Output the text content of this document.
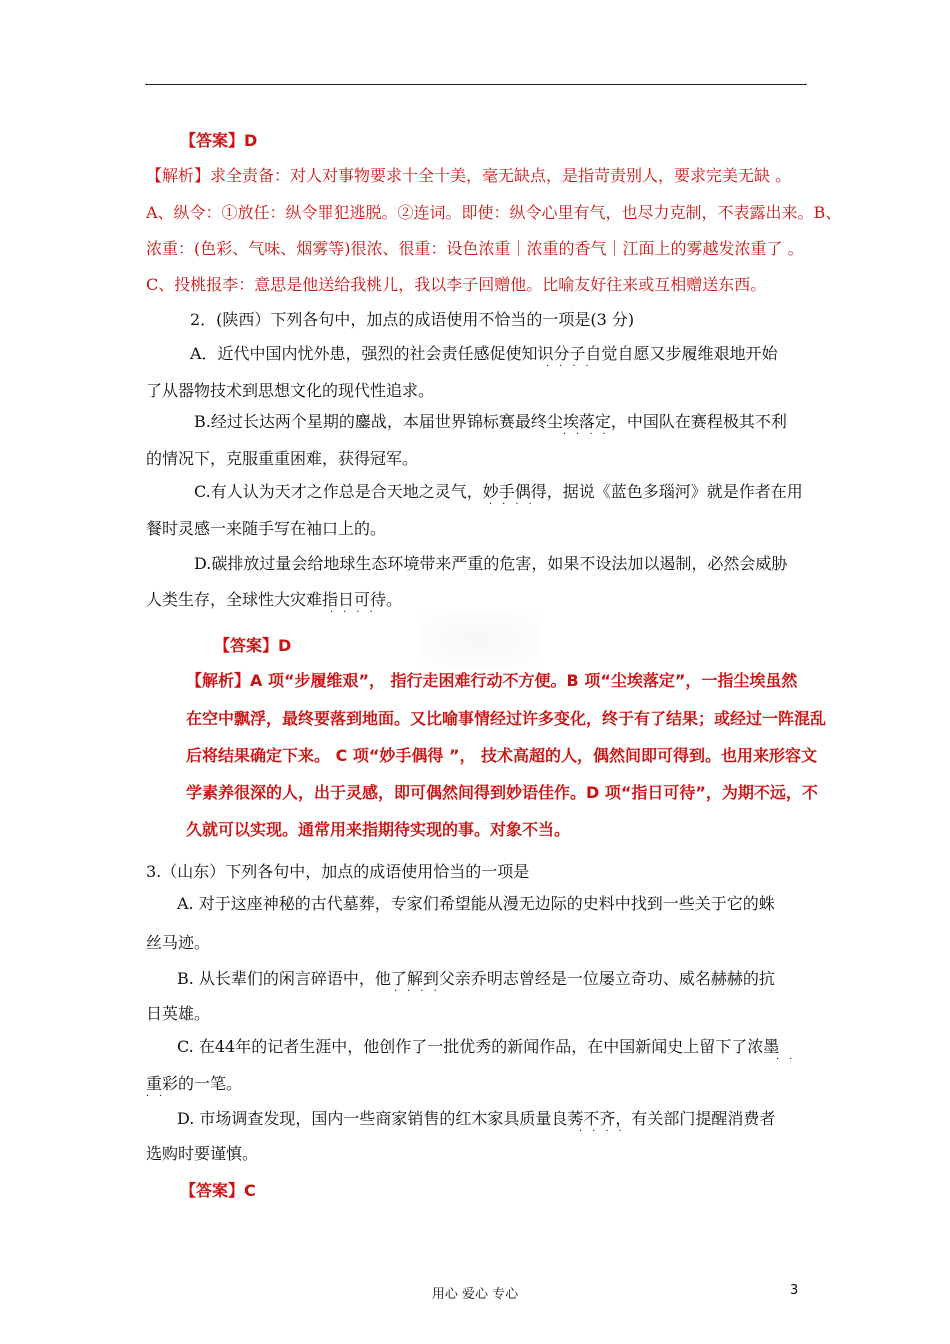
【答案】D
【解析】求全责备：对人对事物要求十全十美，毫无缺点，是指苛责别人，要求完美无缺 。
A、纵令：①放任：纵令罪犯逃脱。②连词。即使：纵令心里有气，也尽力克制，不表露出来。B、
浓重：(色彩、气味、烟雾等)很浓、很重：设色浓重｜浓重的香气｜江面上的雾越发浓重了 。
C、投桃报李：意思是他送给我桃儿，我以李子回赠他。比喻友好往来或互相赠送东西。
2．(陕西）下列各句中，加点的成语使用不恰当的一项是(3 分)
A．近代中国内忧外患，强烈的社会责任感促使知识分子自觉自愿又步履维艰地开始
····
了从器物技术到思想文化的现代性追求。
B.经过长达两个星期的鏖战，本届世界锦标赛最终尘埃落定，中国队在赛程极其不利
····
的情况下，克服重重困难，获得冠军。
C.有人认为天才之作总是合天地之灵气，妙手偶得，据说《蓝色多瑙河》就是作者在用
····
餐时灵感一来随手写在袖口上的。
D.碳排放过量会给地球生态环境带来严重的危害，如果不设法加以遏制，必然会威胁
人类生存，全球性大灾难指日可待。
····
【答案】D
【解析】A 项“步履维艰”， 指行走困难行动不方便。B 项“尘埃落定”，一指尘埃虽然
在空中飘浮，最终要落到地面。又比喻事情经过许多变化，终于有了结果；或经过一阵混乱
后将结果确定下来。 C 项“妙手偶得 ”， 技术高超的人，偶然间即可得到。也用来形容文
学素养很深的人，出于灵感，即可偶然间得到妙语佳作。D 项“指日可待”，为期不远，不
久就可以实现。通常用来指期待实现的事。对象不当。
3.（山东）下列各句中，加点的成语使用恰当的一项是
A. 对于这座神秘的古代墓葬，专家们希望能从漫无边际的史料中找到一些关于它的蛛
丝马迹。
B. 从长辈们的闲言碎语中，他了解到父亲乔明志曾经是一位屡立奇功、威名赫赫的抗
····
日英雄。
C. 在44年的记者生涯中，他创作了一批优秀的新闻作品，在中国新闻史上留下了浓墨
··
重彩的一笔。
··
D. 市场调查发现，国内一些商家销售的红木家具质量良莠不齐，有关部门提醒消费者
····
选购时要谨慎。
【答案】C
用心 爱心 专心	3
